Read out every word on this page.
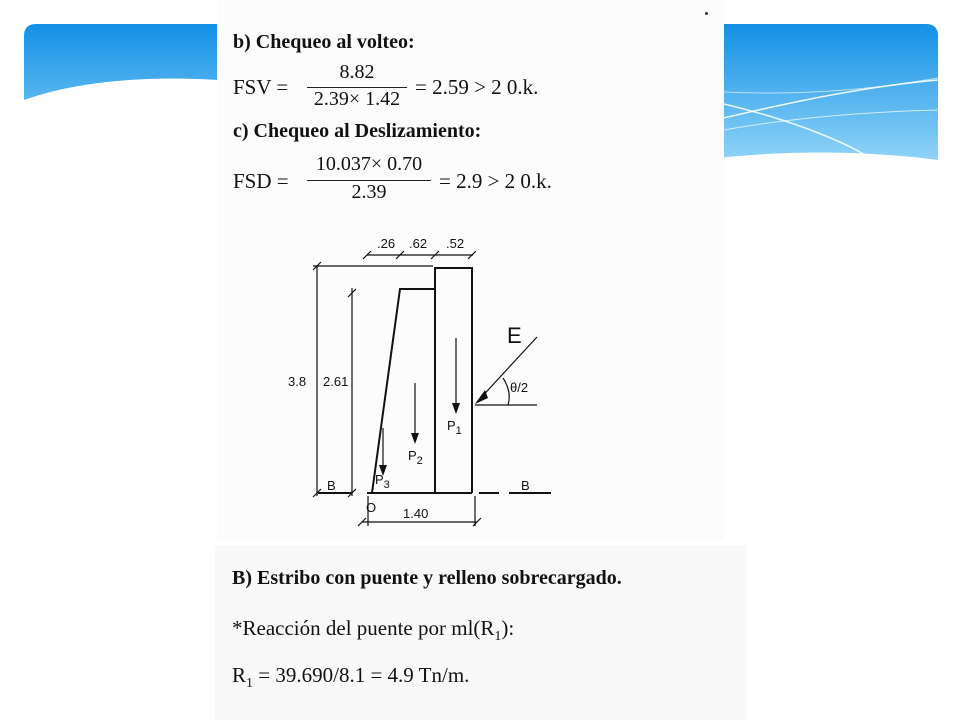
b) Chequeo al volteo:
FSV =
8.82
2.39× 1.42 = 2.59 > 2 0.k.
c) Chequeo al Deslizamiento:
FSD =
10.037× 0.70
2.39	= 2.9 > 2 0.k.
.26 .62 .52
3.8 2.61
1.40
E
θ/2
$P_1$
$P_2$
$P_3$
O
B	B
B) Estribo con puente y relleno sobrecargado.
*Reacción del puente por $ml(R_1)$:
$R_1 = 39.690/8.1 = 4.9$ Tn/m.
